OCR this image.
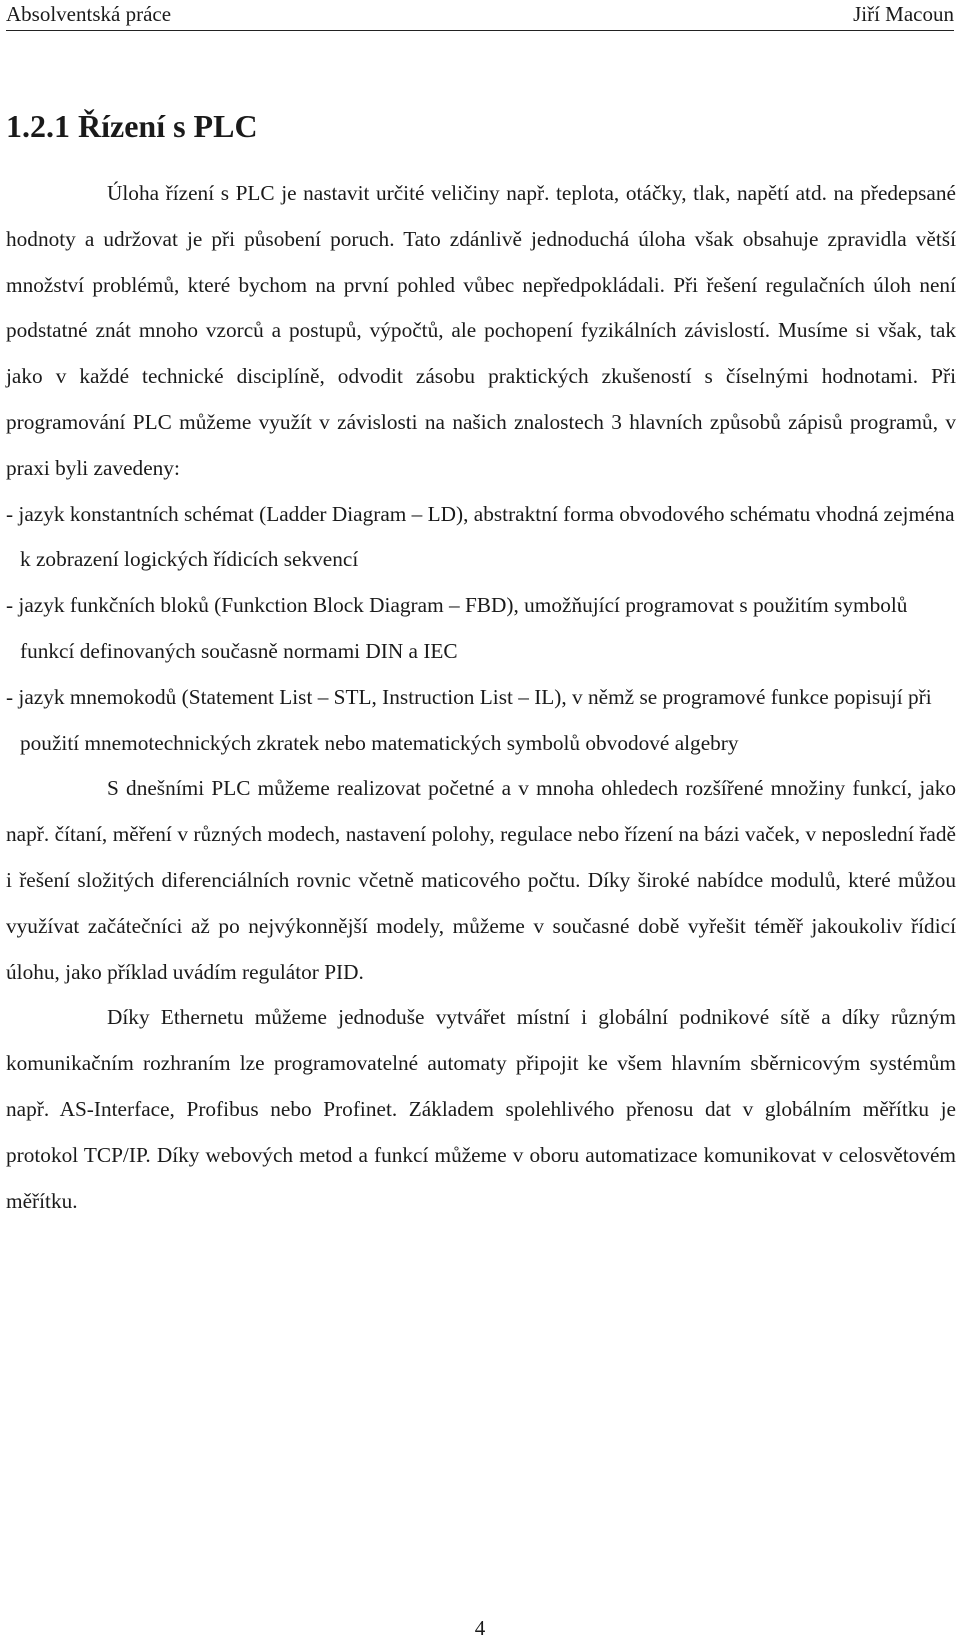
Absolventská práce	Jiří Macoun
1.2.1 Řízení s PLC

Úloha řízení s PLC je nastavit určité veličiny např. teplota, otáčky, tlak, napětí atd. na předepsané hodnoty a udržovat je při působení poruch. Tato zdánlivě jednoduchá úloha však obsahuje zpravidla větší množství problémů, které bychom na první pohled vůbec nepředpokládali. Při řešení regulačních úloh není podstatné znát mnoho vzorců a postupů, výpočtů, ale pochopení fyzikálních závislostí. Musíme si však, tak jako v každé technické disciplíně, odvodit zásobu praktických zkušeností s číselnými hodnotami. Při programování PLC můžeme využít v závislosti na našich znalostech 3 hlavních způsobů zápisů programů, v praxi byli zavedeny:

- jazyk konstantních schémat (Ladder Diagram – LD), abstraktní forma obvodového schématu vhodná zejména k zobrazení logických řídicích sekvencí

- jazyk funkčních bloků (Funkction Block Diagram – FBD), umožňující programovat s použitím symbolů funkcí definovaných současně normami DIN a IEC

- jazyk mnemokodů (Statement List – STL, Instruction List – IL), v němž se programové funkce popisují při použití mnemotechnických zkratek nebo matematických symbolů obvodové algebry

S dnešními PLC můžeme realizovat početné a v mnoha ohledech rozšířené množiny funkcí, jako např. čítaní, měření v různých modech, nastavení polohy, regulace nebo řízení na bázi vaček, v neposlední řadě i řešení složitých diferenciálních rovnic včetně maticového počtu. Díky široké nabídce modulů, které můžou využívat začátečníci až po nejvýkonnější modely, můžeme v současné době vyřešit téměř jakoukoliv řídicí úlohu, jako příklad uvádím regulátor PID.

Díky Ethernetu můžeme jednoduše vytvářet místní i globální podnikové sítě a díky různým komunikačním rozhraním lze programovatelné automaty připojit ke všem hlavním sběrnicovým systémům např. AS-Interface, Profibus nebo Profinet. Základem spolehlivého přenosu dat v globálním měřítku je protokol TCP/IP. Díky webových metod a funkcí můžeme v oboru automatizace komunikovat v celosvětovém měřítku.

4
